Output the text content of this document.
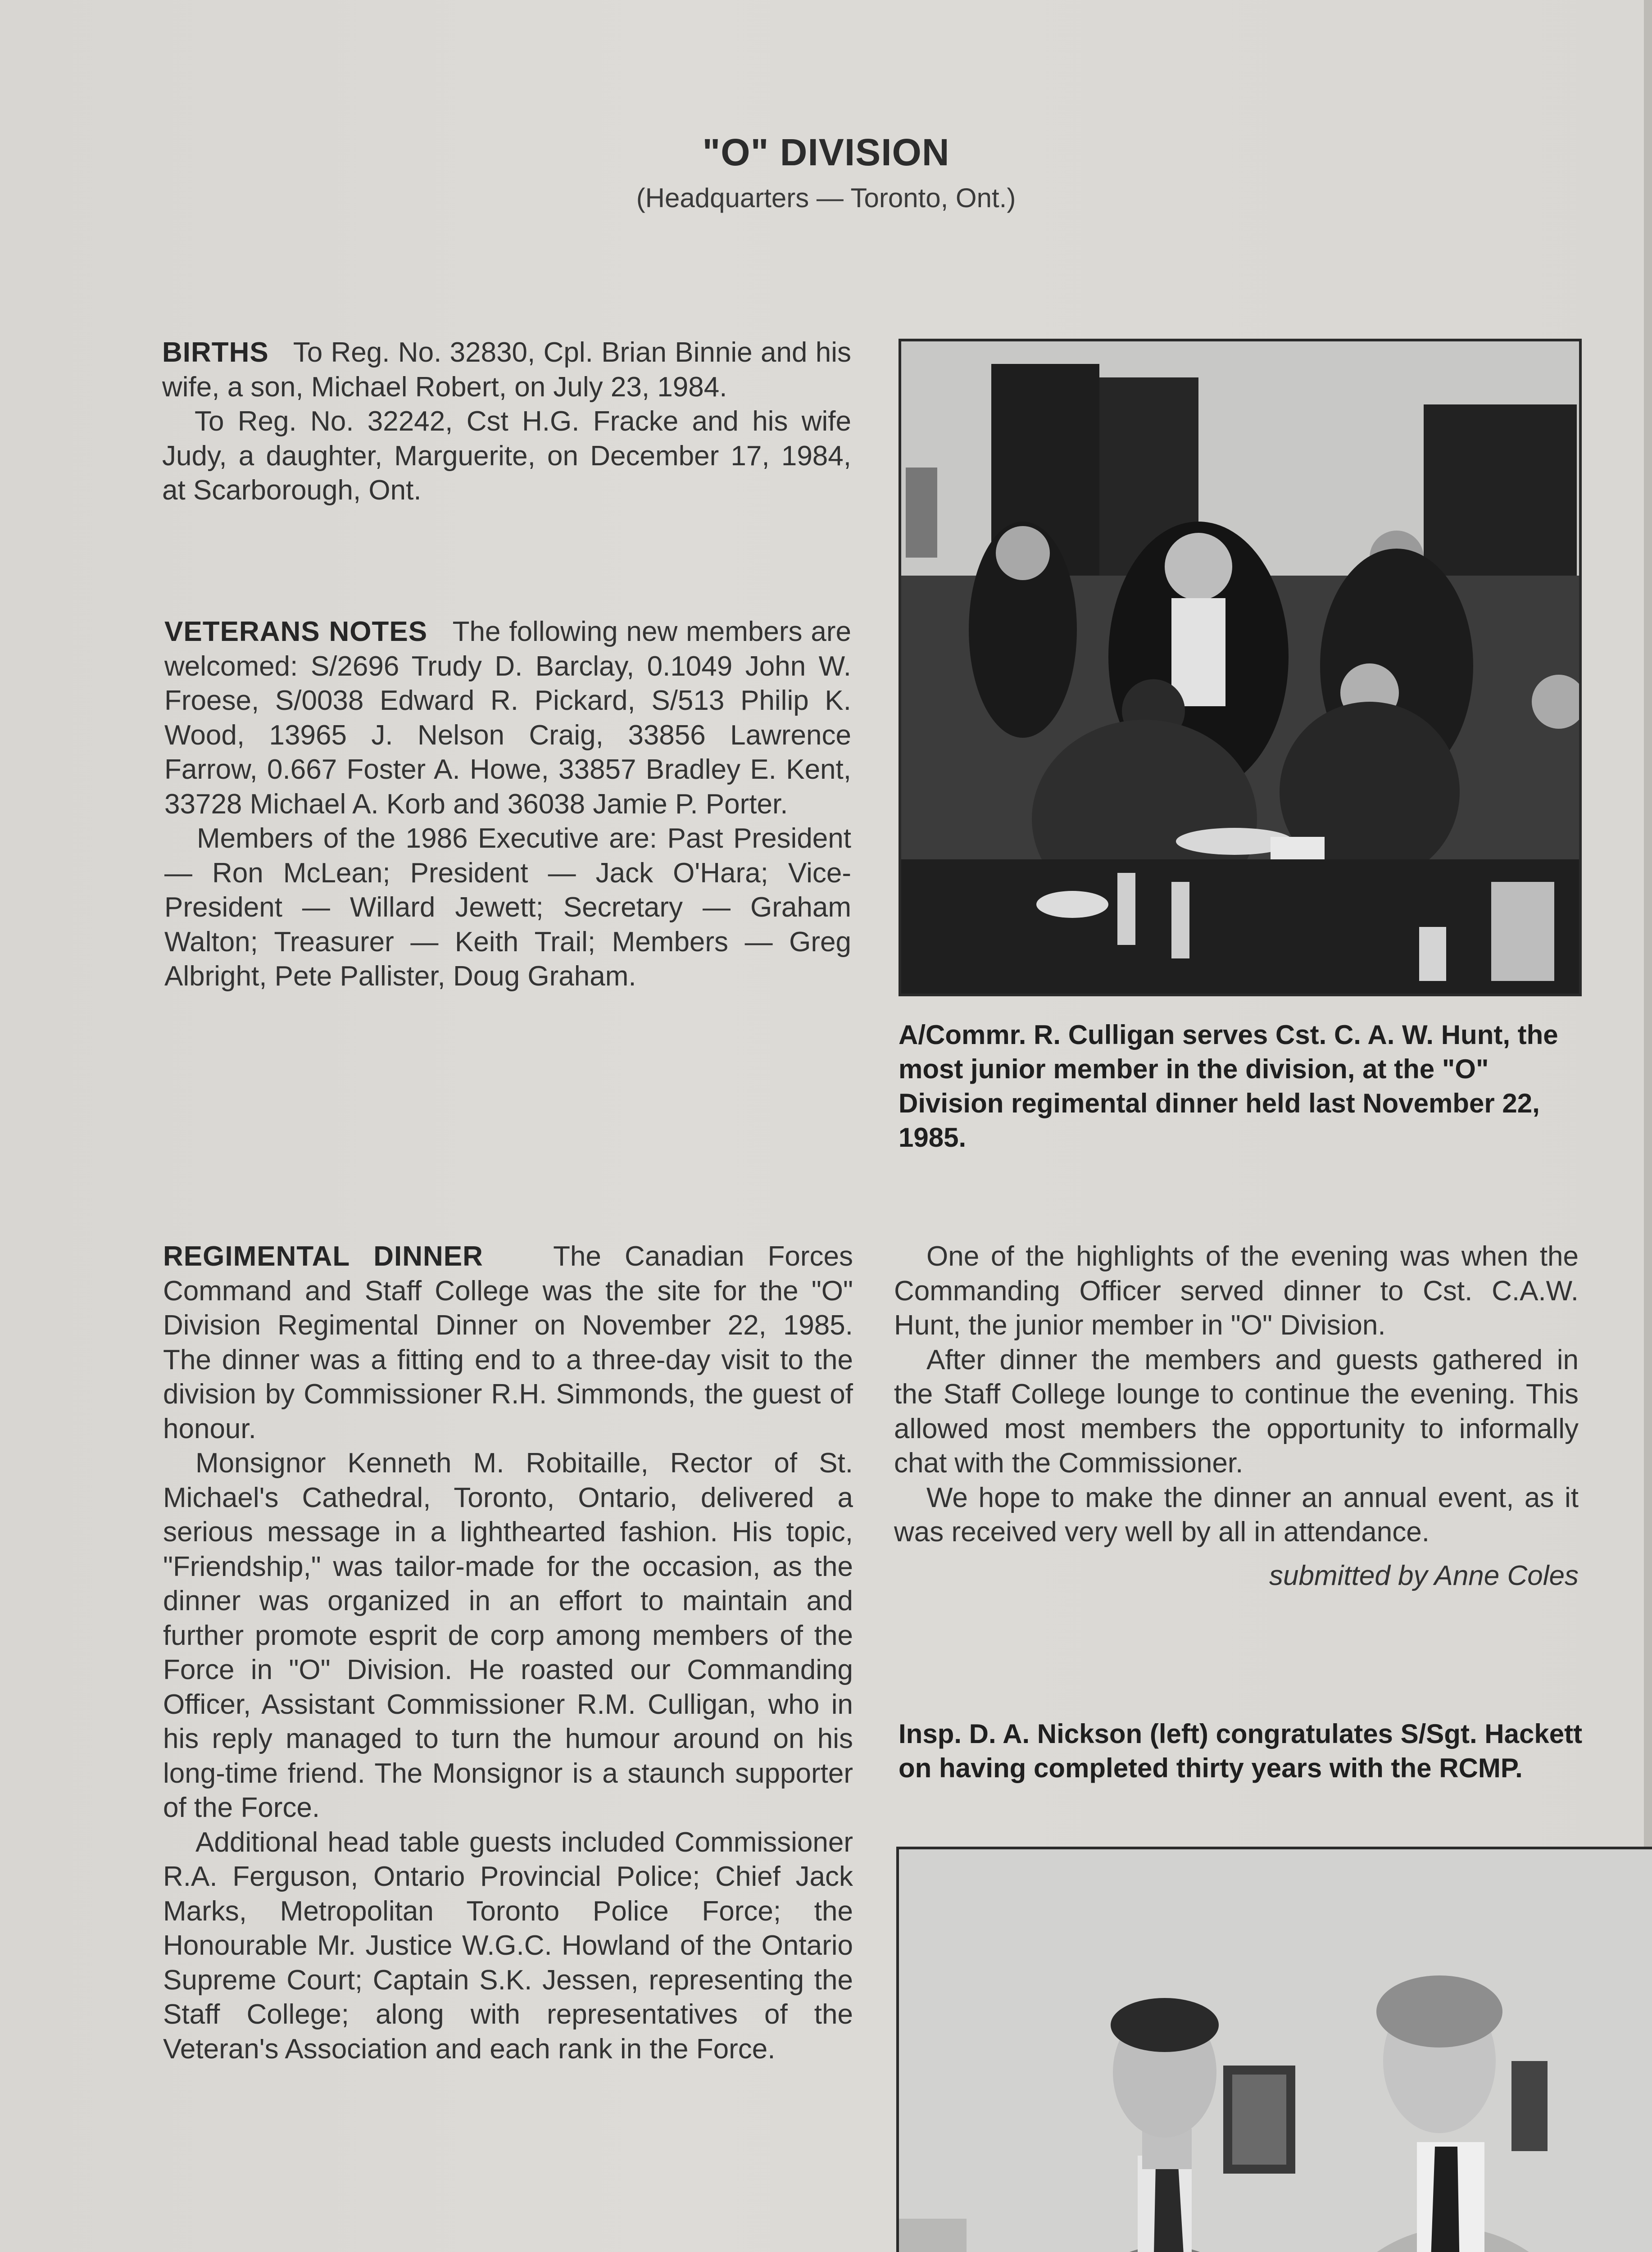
"O" DIVISION
(Headquarters — Toronto, Ont.)

BIRTHS To Reg. No. 32830, Cpl. Brian Binnie and his wife, a son, Michael Robert, on July 23, 1984.

To Reg. No. 32242, Cst H.G. Fracke and his wife Judy, a daughter, Marguerite, on December 17, 1984, at Scarborough, Ont.

VETERANS NOTES The following new members are welcomed: S/2696 Trudy D. Barclay, 0.1049 John W. Froese, S/0038 Edward R. Pickard, S/513 Philip K. Wood, 13965 J. Nelson Craig, 33856 Lawrence Farrow, 0.667 Foster A. Howe, 33857 Bradley E. Kent, 33728 Michael A. Korb and 36038 Jamie P. Porter.

Members of the 1986 Executive are: Past President — Ron McLean; President — Jack O'Hara; Vice-President — Willard Jewett; Secretary — Graham Walton; Treasurer — Keith Trail; Members — Greg Albright, Pete Pallister, Doug Graham.

A/Commr. R. Culligan serves Cst. C. A. W. Hunt, the most junior member in the division, at the "O" Division regimental dinner held last November 22, 1985.

REGIMENTAL DINNER	The Canadian Forces Command and Staff College was the site for the "O" Division Regimental Dinner on November 22, 1985. The dinner was a fitting end to a three-day visit to the division by Commissioner R.H. Simmonds, the guest of honour.

Monsignor Kenneth M. Robitaille, Rector of St. Michael's Cathedral, Toronto, Ontario, delivered a serious message in a lighthearted fashion. His topic, "Friendship," was tailor-made for the occasion, as the dinner was organized in an effort to maintain and further promote esprit de corp among members of the Force in "O" Division. He roasted our Commanding Officer, Assistant Commissioner R.M. Culligan, who in his reply managed to turn the humour around on his long-time friend. The Monsignor is a staunch supporter of the Force.

Additional head table guests included Commissioner R.A. Ferguson, Ontario Provincial Police; Chief Jack Marks, Metropolitan Toronto Police Force; the Honourable Mr. Justice W.G.C. Howland of the Ontario Supreme Court; Captain S.K. Jessen, representing the Staff College; along with representatives of the Veteran's Association and each rank in the Force.

One of the highlights of the evening was when the Commanding Officer served dinner to Cst. C.A.W. Hunt, the junior member in "O" Division.

After dinner the members and guests gathered in the Staff College lounge to continue the evening. This allowed most members the opportunity to informally chat with the Commissioner.

We hope to make the dinner an annual event, as it was received very well by all in attendance.

submitted by Anne Coles

Insp. D. A. Nickson (left) congratulates S/Sgt. Hackett on having completed thirty years with the RCMP.
